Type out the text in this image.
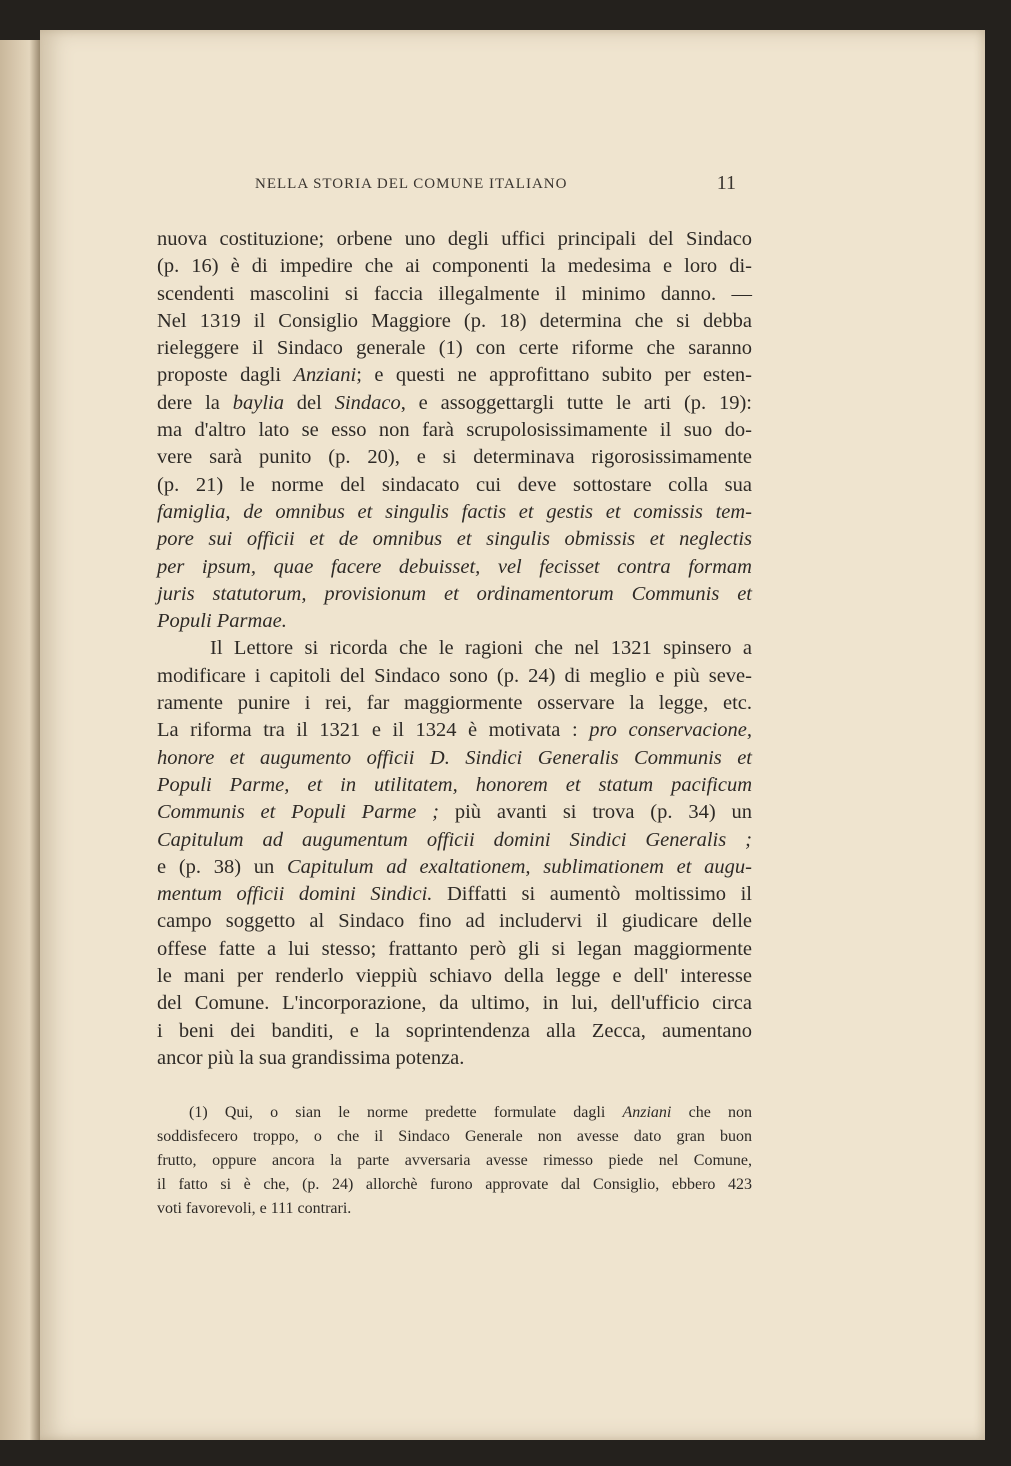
NELLA STORIA DEL COMUNE ITALIANO	11
nuova costituzione; orbene uno degli uffici principali del Sindaco
(p. 16) è di impedire che ai componenti la medesima e loro di-
scendenti mascolini si faccia illegalmente il minimo danno. —
Nel 1319 il Consiglio Maggiore (p. 18) determina che si debba
rieleggere il Sindaco generale (1) con certe riforme che saranno
proposte dagli Anziani; e questi ne approfittano subito per esten-
dere la baylia del Sindaco, e assoggettargli tutte le arti (p. 19):
ma d'altro lato se esso non farà scrupolosissimamente il suo do-
vere sarà punito (p. 20), e si determinava rigorosissimamente
(p. 21) le norme del sindacato cui deve sottostare colla sua
famiglia, de omnibus et singulis factis et gestis et comissis tem-
pore sui officii et de omnibus et singulis obmissis et neglectis
per ipsum, quae facere debuisset, vel fecisset contra formam
juris statutorum, provisionum et ordinamentorum Communis et
Populi Parmae.
Il Lettore si ricorda che le ragioni che nel 1321 spinsero a
modificare i capitoli del Sindaco sono (p. 24) di meglio e più seve-
ramente punire i rei, far maggiormente osservare la legge, etc.
La riforma tra il 1321 e il 1324 è motivata : pro conservacione,
honore et augumento officii D. Sindici Generalis Communis et
Populi Parme, et in utilitatem, honorem et statum pacificum
Communis et Populi Parme ; più avanti si trova (p. 34) un
Capitulum ad augumentum officii domini Sindici Generalis ;
e (p. 38) un Capitulum ad exaltationem, sublimationem et augu-
mentum officii domini Sindici. Diffatti si aumentò moltissimo il
campo soggetto al Sindaco fino ad includervi il giudicare delle
offese fatte a lui stesso; frattanto però gli si legan maggiormente
le mani per renderlo vieppiù schiavo della legge e dell' interesse
del Comune. L'incorporazione, da ultimo, in lui, dell'ufficio circa
i beni dei banditi, e la soprintendenza alla Zecca, aumentano
ancor più la sua grandissima potenza.
(1) Qui, o sian le norme predette formulate dagli Anziani che non
soddisfecero troppo, o che il Sindaco Generale non avesse dato gran buon
frutto, oppure ancora la parte avversaria avesse rimesso piede nel Comune,
il fatto si è che, (p. 24) allorchè furono approvate dal Consiglio, ebbero 423
voti favorevoli, e 111 contrari.
